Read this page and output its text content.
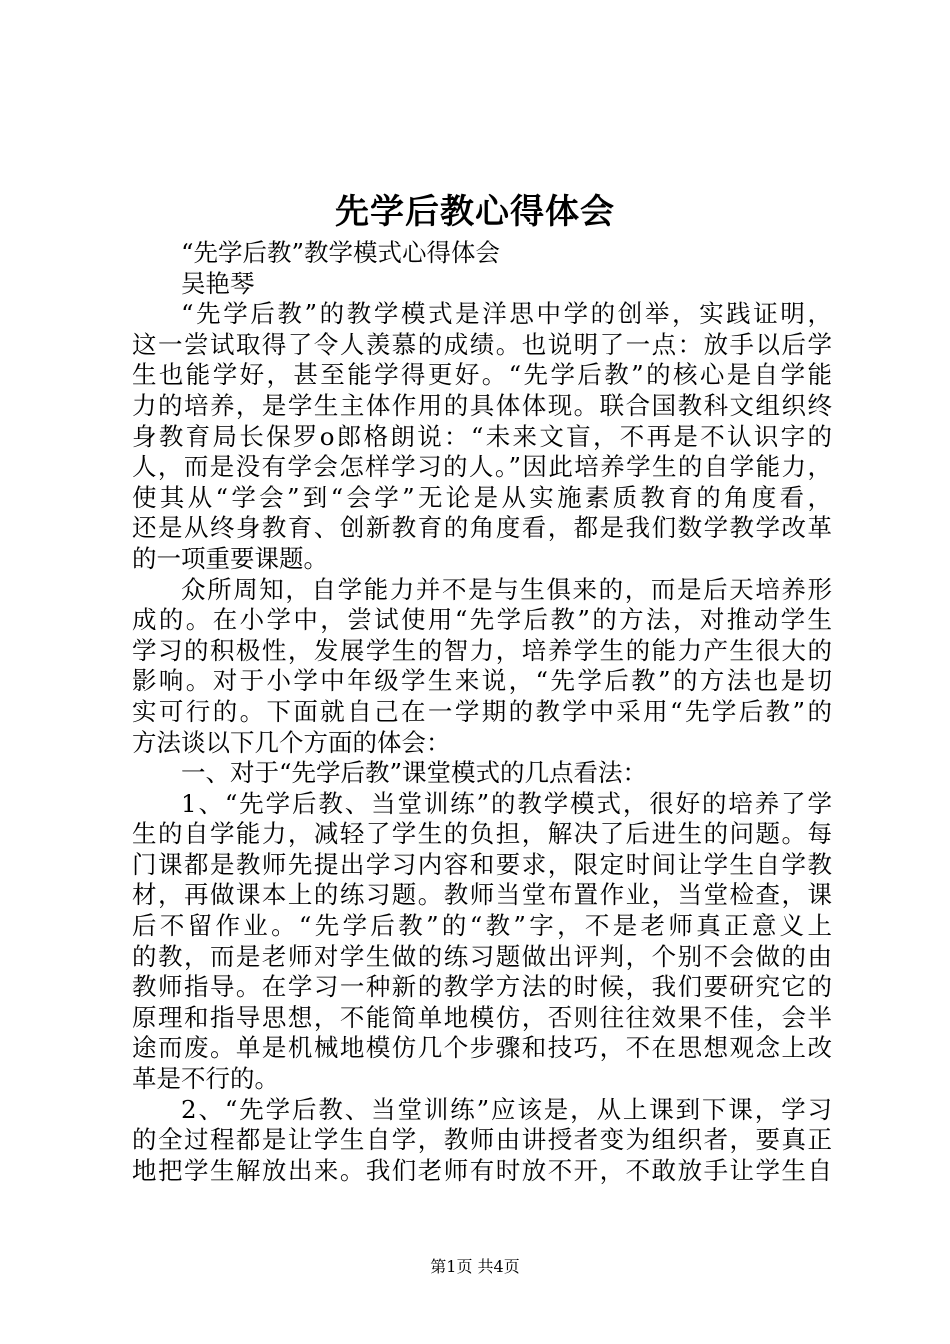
先学后教心得体会
“先学后教”教学模式心得体会
吴艳琴
“先学后教”的教学模式是洋思中学的创举，实践证明，
这一尝试取得了令人羡慕的成绩。也说明了一点：放手以后学
生也能学好，甚至能学得更好。“先学后教”的核心是自学能
力的培养，是学生主体作用的具体体现。联合国教科文组织终
身教育局长保罗o郎格朗说：“未来文盲，不再是不认识字的
人，而是没有学会怎样学习的人。”因此培养学生的自学能力，
使其从“学会”到“会学”无论是从实施素质教育的角度看，
还是从终身教育、创新教育的角度看，都是我们数学教学改革
的一项重要课题。
众所周知，自学能力并不是与生俱来的，而是后天培养形
成的。在小学中，尝试使用“先学后教”的方法，对推动学生
学习的积极性，发展学生的智力，培养学生的能力产生很大的
影响。对于小学中年级学生来说，“先学后教”的方法也是切
实可行的。下面就自己在一学期的教学中采用“先学后教”的
方法谈以下几个方面的体会：
一、对于“先学后教”课堂模式的几点看法：
1、“先学后教、当堂训练”的教学模式，很好的培养了学
生的自学能力，减轻了学生的负担，解决了后进生的问题。每
门课都是教师先提出学习内容和要求，限定时间让学生自学教
材，再做课本上的练习题。教师当堂布置作业，当堂检查，课
后不留作业。“先学后教”的“教”字，不是老师真正意义上
的教，而是老师对学生做的练习题做出评判，个别不会做的由
教师指导。在学习一种新的教学方法的时候，我们要研究它的
原理和指导思想，不能简单地模仿，否则往往效果不佳，会半
途而废。单是机械地模仿几个步骤和技巧，不在思想观念上改
革是不行的。
2、“先学后教、当堂训练”应该是，从上课到下课，学习
的全过程都是让学生自学，教师由讲授者变为组织者，要真正
地把学生解放出来。我们老师有时放不开，不敢放手让学生自
第1页 共4页
